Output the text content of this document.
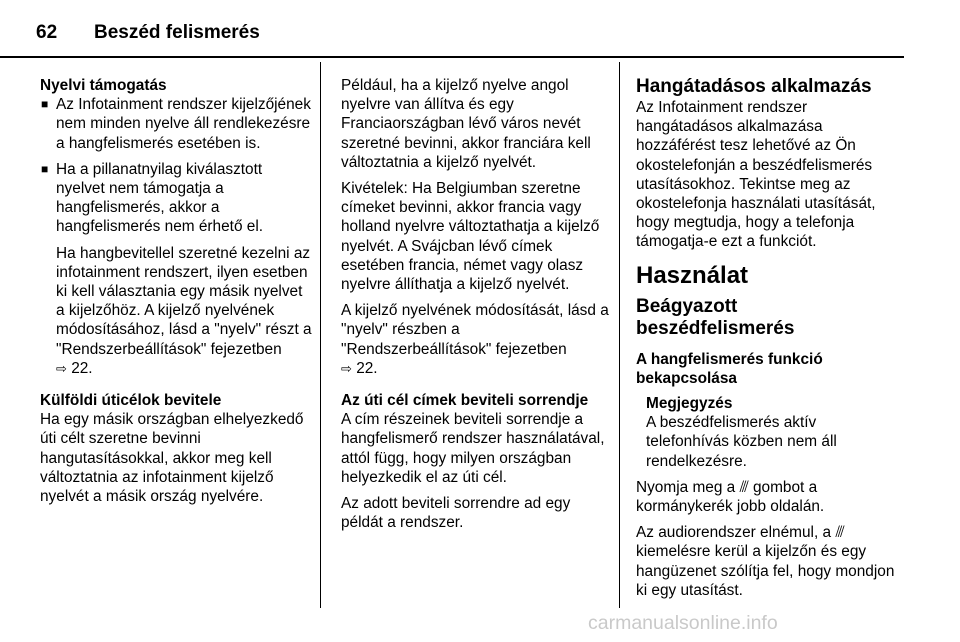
62 Beszéd felismerés
Nyelvi támogatás

■ Az Infotainment rendszer kijelzőjének nem minden nyelve áll rendlekezésre a hangfelismerés esetében is.

■ Ha a pillanatnyilag kiválasztott nyelvet nem támogatja a hangfelismerés, akkor a hangfelismerés nem érhető el.

Ha hangbevitellel szeretné kezelni az infotainment rendszert, ilyen esetben ki kell választania egy másik nyelvet a kijelzőhöz. A kijelző nyelvének módosításához, lásd a "nyelv" részt a "Rendszerbeállítások" fejezetben
⇨ 22.

Külföldi úticélok bevitele

Ha egy másik országban elhelyezkedő úti célt szeretne bevinni hangutasításokkal, akkor meg kell változtatnia az infotainment kijelző nyelvét a másik ország nyelvére.

Például, ha a kijelző nyelve angol nyelvre van állítva és egy Franciaországban lévő város nevét szeretné bevinni, akkor franciára kell változtatnia a kijelző nyelvét.

Kivételek: Ha Belgiumban szeretne címeket bevinni, akkor francia vagy holland nyelvre változtathatja a kijelző nyelvét. A Svájcban lévő címek esetében francia, német vagy olasz nyelvre állíthatja a kijelző nyelvét.

A kijelző nyelvének módosítását, lásd a "nyelv" részben a "Rendszerbeállítások" fejezetben
⇨ 22.

Az úti cél címek beviteli sorrendje

A cím részeinek beviteli sorrendje a hangfelismerő rendszer használatával, attól függ, hogy milyen országban helyezkedik el az úti cél.

Az adott beviteli sorrendre ad egy példát a rendszer.

Hangátadásos alkalmazás

Az Infotainment rendszer hangátadásos alkalmazása hozzáférést tesz lehetővé az Ön okostelefonján a beszédfelismerés utasításokhoz. Tekintse meg az okostelefonja használati utasítását, hogy megtudja, hogy a telefonja támogatja-e ezt a funkciót.

Használat
Beágyazott beszédfelismerés
A hangfelismerés funkció bekapcsolása
Megjegyzés

A beszédfelismerés aktív telefonhívás közben nem áll rendelkezésre.

Nyomja meg a ⫻ gombot a kormánykerék jobb oldalán.

Az audiorendszer elnémul, a ⫻ kiemelésre kerül a kijelzőn és egy hangüzenet szólítja fel, hogy mondjon ki egy utasítást.

carmanualsonline.info
